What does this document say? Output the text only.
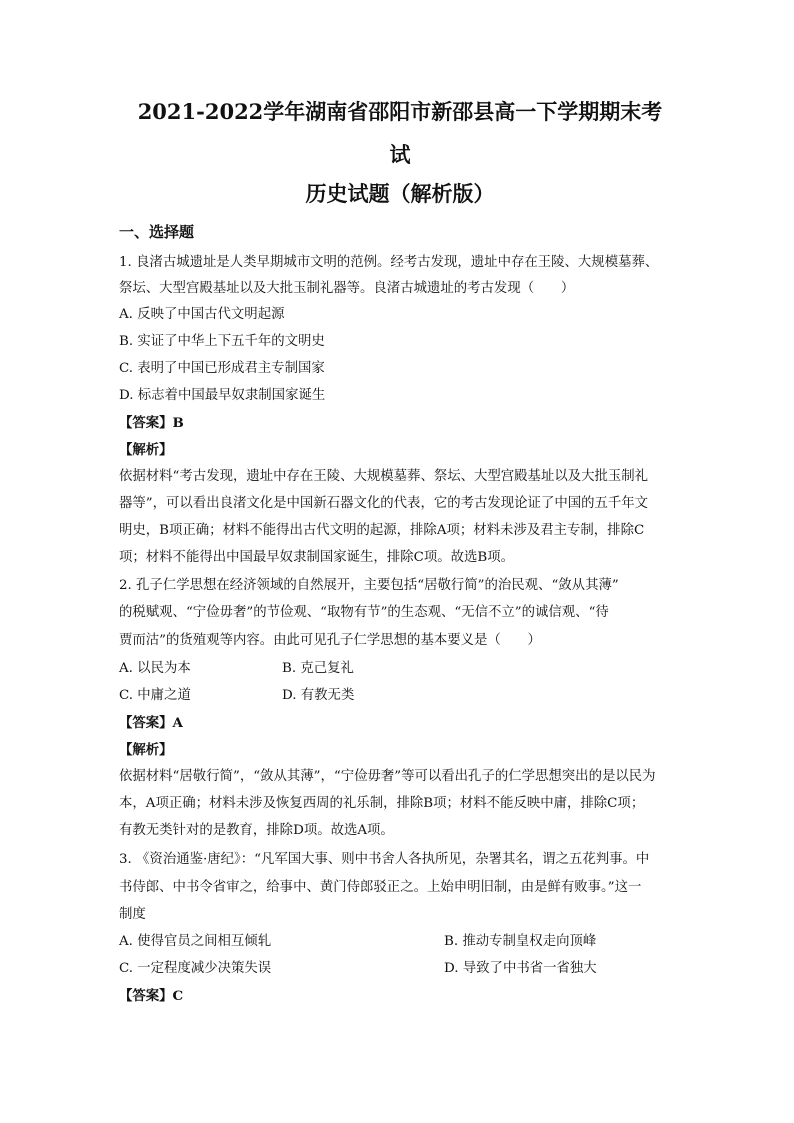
2021-2022学年湖南省邵阳市新邵县高一下学期期末考
试
历史试题（解析版）
一、选择题
1. 良渚古城遗址是人类早期城市文明的范例。经考古发现，遗址中存在王陵、大规模墓葬、
祭坛、大型宫殿基址以及大批玉制礼器等。良渚古城遗址的考古发现（　　）
A. 反映了中国古代文明起源
B. 实证了中华上下五千年的文明史
C. 表明了中国已形成君主专制国家
D. 标志着中国最早奴隶制国家诞生
【答案】B
【解析】
依据材料“考古发现，遗址中存在王陵、大规模墓葬、祭坛、大型宫殿基址以及大批玉制礼
器等”，可以看出良渚文化是中国新石器文化的代表，它的考古发现论证了中国的五千年文
明史，B项正确；材料不能得出古代文明的起源，排除A项；材料未涉及君主专制，排除C
项；材料不能得出中国最早奴隶制国家诞生，排除C项。故选B项。
2. 孔子仁学思想在经济领域的自然展开，主要包括“居敬行简”的治民观、“敛从其薄”
的税赋观、“宁俭毋奢”的节俭观、“取物有节”的生态观、“无信不立”的诚信观、“待
贾而沽”的货殖观等内容。由此可见孔子仁学思想的基本要义是（　　）
A. 以民为本	B. 克己复礼
C. 中庸之道	D. 有教无类
【答案】A
【解析】
依据材料“居敬行简”，“敛从其薄”，“宁俭毋奢”等可以看出孔子的仁学思想突出的是以民为
本，A项正确；材料未涉及恢复西周的礼乐制，排除B项；材料不能反映中庸，排除C项；
有教无类针对的是教育，排除D项。故选A项。
3. 《资治通鉴·唐纪》：“凡军国大事、则中书舍人各执所见，杂署其名，谓之五花判事。中
书侍郎、中书令省审之，给事中、黄门侍郎驳正之。上始申明旧制，由是鲜有败事。”这一
制度
A. 使得官员之间相互倾轧	B. 推动专制皇权走向顶峰
C. 一定程度减少决策失误	D. 导致了中书省一省独大
【答案】C
